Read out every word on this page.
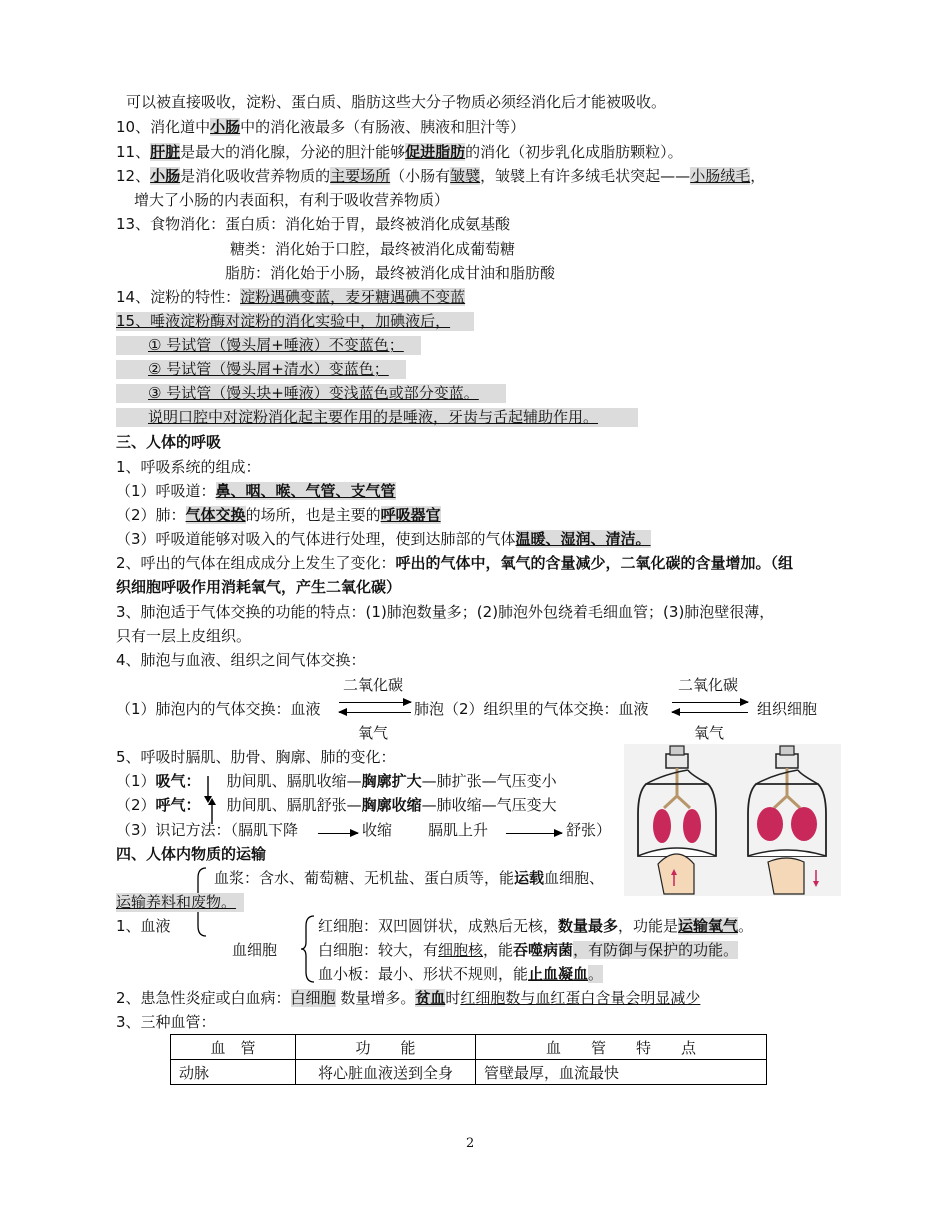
可以被直接吸收，淀粉、蛋白质、脂肪这些大分子物质必须经消化后才能被吸收。
10、消化道中小肠中的消化液最多（有肠液、胰液和胆汁等）
11、肝脏是最大的消化腺，分泌的胆汁能够促进脂肪的消化（初步乳化成脂肪颗粒）。
12、小肠是消化吸收营养物质的主要场所（小肠有皱襞，皱襞上有许多绒毛状突起——小肠绒毛，
增大了小肠的内表面积，有利于吸收营养物质）
13、食物消化：蛋白质：消化始于胃，最终被消化成氨基酸
糖类：消化始于口腔，最终被消化成葡萄糖
脂肪：消化始于小肠，最终被消化成甘油和脂肪酸
14、淀粉的特性：淀粉遇碘变蓝，麦牙糖遇碘不变蓝
15、唾液淀粉酶对淀粉的消化实验中，加碘液后，
① 号试管（馒头屑+唾液）不变蓝色；
② 号试管（馒头屑+清水）变蓝色；
③ 号试管（馒头块+唾液）变浅蓝色或部分变蓝。
说明口腔中对淀粉消化起主要作用的是唾液，牙齿与舌起辅助作用。
三、人体的呼吸
1、呼吸系统的组成：
（1）呼吸道：鼻、咽、喉、气管、支气管
（2）肺：气体交换的场所，也是主要的呼吸器官
（3）呼吸道能够对吸入的气体进行处理，使到达肺部的气体温暖、湿润、清洁。
2、呼出的气体在组成成分上发生了变化：呼出的气体中，氧气的含量减少，二氧化碳的含量增加。（组
织细胞呼吸作用消耗氧气，产生二氧化碳）
3、肺泡适于气体交换的功能的特点：(1)肺泡数量多；(2)肺泡外包绕着毛细血管；(3)肺泡壁很薄，
只有一层上皮组织。
4、肺泡与血液、组织之间气体交换：
二氧化碳	二氧化碳
（1）肺泡内的气体交换：血液	肺泡（2）组织里的气体交换：血液	组织细胞
氧气	氧气
5、呼吸时膈肌、肋骨、胸廓、肺的变化：
（1）吸气： 肋间肌、膈肌收缩—胸廓扩大—肺扩张—气压变小
（2）呼气： 肋间肌、膈肌舒张—胸廓收缩—肺收缩—气压变大
（3）识记方法：（膈肌下降	收缩 膈肌上升	舒张）
四、人体内物质的运输
血浆：含水、葡萄糖、无机盐、蛋白质等，能运载血细胞、
运输养料和废物。
1、血液
血细胞
红细胞：双凹圆饼状，成熟后无核，数量最多，功能是运输氧气。
白细胞：较大，有细胞核，能吞噬病菌，有防御与保护的功能。
血小板：最小、形状不规则，能止血凝血。
2、患急性炎症或白血病：白细胞 数量增多。贫血时红细胞数与血红蛋白含量会明显减少
3、三种血管：
血　管	功　　能	血　　管　　特　　点
动脉	将心脏血液送到全身	管壁最厚，血流最快
2
